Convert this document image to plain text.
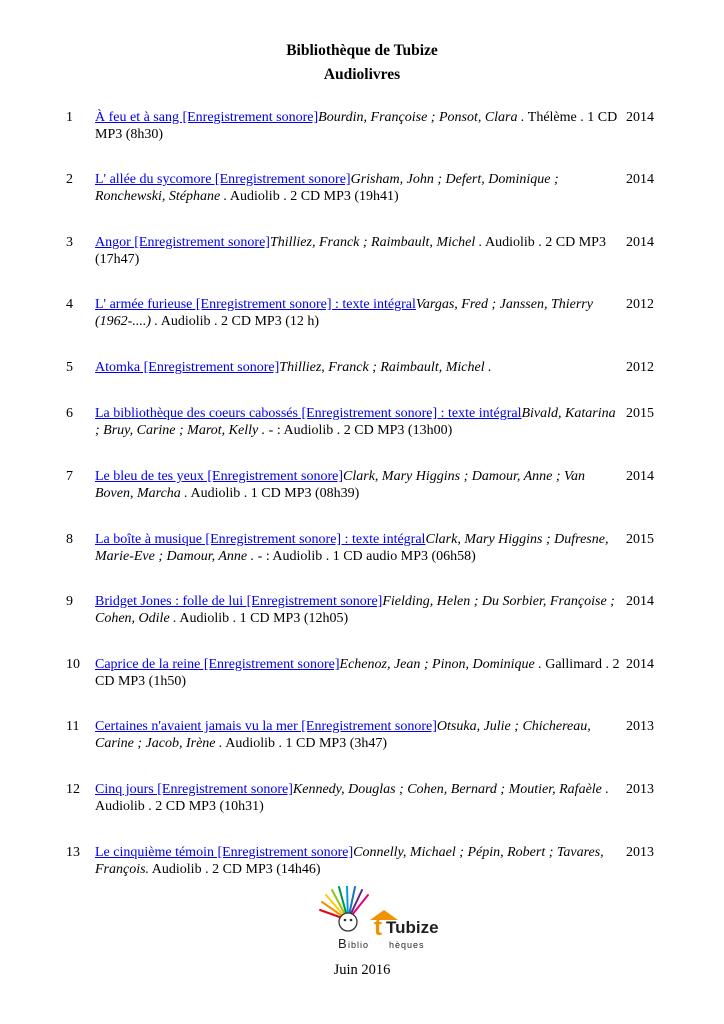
Bibliothèque de Tubize
Audiolivres
1 À feu et à sang [Enregistrement sonore]Bourdin, Françoise ; Ponsot, Clara . Thélème . 1 CD MP3 (8h30)
2014
2 L' allée du sycomore [Enregistrement sonore]Grisham, John ; Defert, Dominique ; Ronchewski, Stéphane . Audiolib . 2 CD MP3 (19h41)
2014
3 Angor [Enregistrement sonore]Thilliez, Franck ; Raimbault, Michel . Audiolib . 2 CD MP3 (17h47)
2014
4 L' armée furieuse [Enregistrement sonore] : texte intégralVargas, Fred ; Janssen, Thierry (1962-....) . Audiolib . 2 CD MP3 (12 h)
2012
5 Atomka [Enregistrement sonore]Thilliez, Franck ; Raimbault, Michel .	2012
6 La bibliothèque des coeurs cabossés [Enregistrement sonore] : texte intégralBivald, Katarina ; Bruy, Carine ; Marot, Kelly . - : Audiolib . 2 CD MP3 (13h00)
2015
7 Le bleu de tes yeux [Enregistrement sonore]Clark, Mary Higgins ; Damour, Anne ; Van Boven, Marcha . Audiolib . 1 CD MP3 (08h39)
2014
8 La boîte à musique [Enregistrement sonore] : texte intégralClark, Mary Higgins ; Dufresne, Marie-Eve ; Damour, Anne . - : Audiolib . 1 CD audio MP3 (06h58)
2015
9 Bridget Jones : folle de lui [Enregistrement sonore]Fielding, Helen ; Du Sorbier, Françoise ; Cohen, Odile . Audiolib . 1 CD MP3 (12h05)
2014
10 Caprice de la reine [Enregistrement sonore]Echenoz, Jean ; Pinon, Dominique . Gallimard . 2 CD MP3 (1h50)
2014
11 Certaines n'avaient jamais vu la mer [Enregistrement sonore]Otsuka, Julie ; Chichereau, Carine ; Jacob, Irène . Audiolib . 1 CD MP3 (3h47)
2013
12 Cinq jours [Enregistrement sonore]Kennedy, Douglas ; Cohen, Bernard ; Moutier, Rafaèle . Audiolib . 2 CD MP3 (10h31)
2013
13 Le cinquième témoin [Enregistrement sonore]Connelly, Michael ; Pépin, Robert ; Tavares, François. Audiolib . 2 CD MP3 (14h46)
2013
t Tubize
B iblio hèques
Juin 2016
